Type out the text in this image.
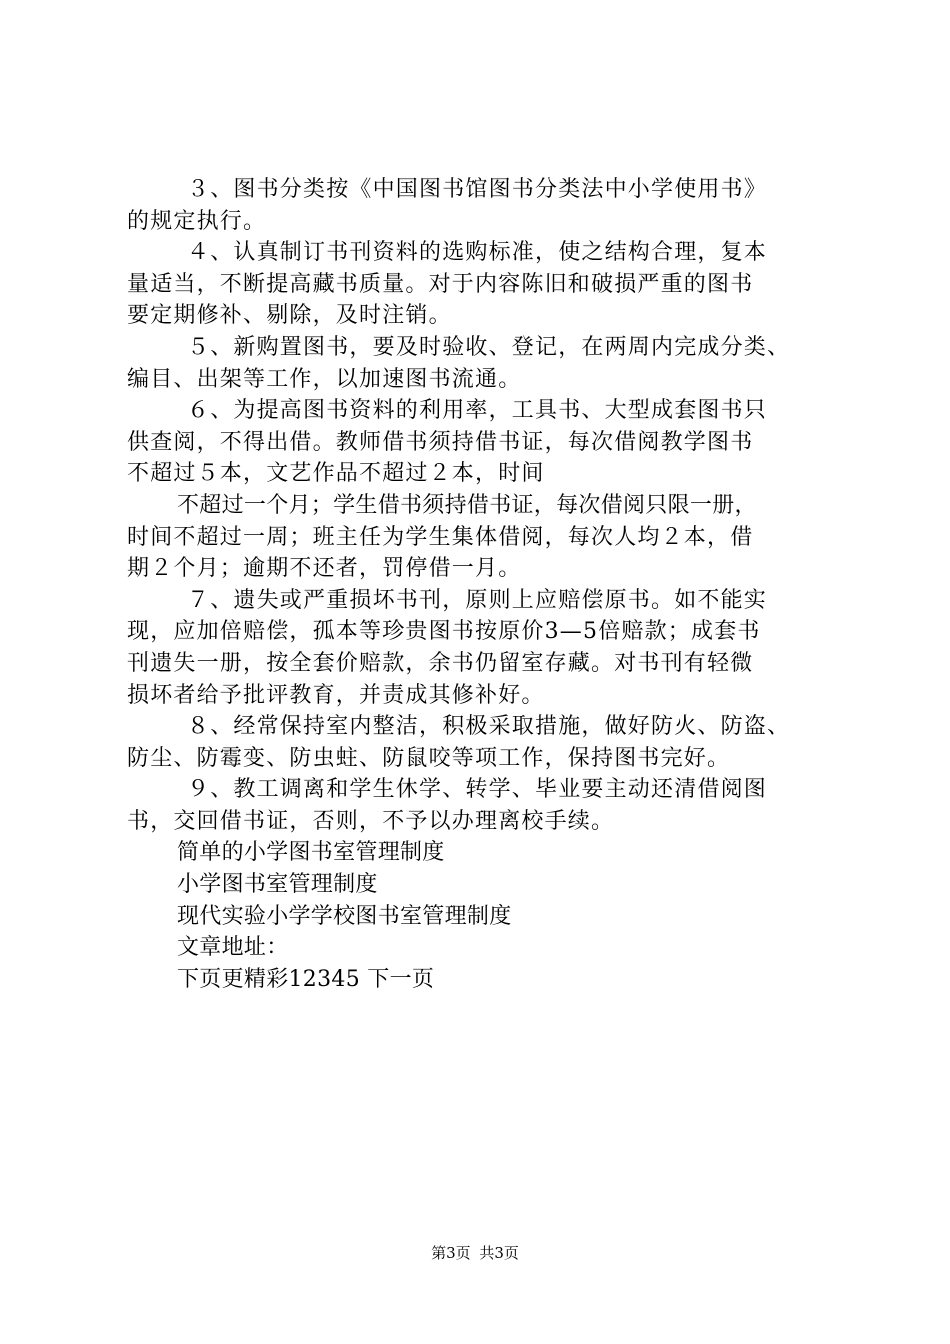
３、图书分类按《中国图书馆图书分类法中小学使用书》
的规定执行。
４、认真制订书刊资料的选购标准，使之结构合理，复本
量适当，不断提高藏书质量。对于内容陈旧和破损严重的图书
要定期修补、剔除，及时注销。
５、新购置图书，要及时验收、登记，在两周内完成分类、
编目、出架等工作，以加速图书流通。
６、为提高图书资料的利用率，工具书、大型成套图书只
供查阅，不得出借。教师借书须持借书证，每次借阅教学图书
不超过５本，文艺作品不超过２本，时间
不超过一个月；学生借书须持借书证，每次借阅只限一册，
时间不超过一周；班主任为学生集体借阅，每次人均２本，借
期２个月；逾期不还者，罚停借一月。
７、遗失或严重损坏书刊，原则上应赔偿原书。如不能实
现，应加倍赔偿，孤本等珍贵图书按原价3—5倍赔款；成套书
刊遗失一册，按全套价赔款，余书仍留室存藏。对书刊有轻微
损坏者给予批评教育，并责成其修补好。
８、经常保持室内整洁，积极采取措施，做好防火、防盗、
防尘、防霉变、防虫蛀、防鼠咬等项工作，保持图书完好。
９、教工调离和学生休学、转学、毕业要主动还清借阅图
书，交回借书证，否则，不予以办理离校手续。
简单的小学图书室管理制度
小学图书室管理制度
现代实验小学学校图书室管理制度
文章地址：
下页更精彩12345 下一页
第3页 共3页
